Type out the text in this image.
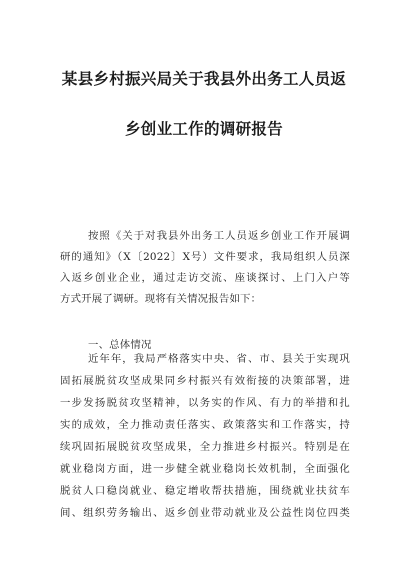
某县乡村振兴局关于我县外出务工人员返
乡创业工作的调研报告
按照《关于对我县外出务工人员返乡创业工作开展调
研的通知》（X〔2022〕X号）文件要求，我局组织人员深
入返乡创业企业，通过走访交流、座谈探讨、上门入户等
方式开展了调研。现将有关情况报告如下：
一、总体情况
近年年，我局严格落实中央、省、市、县关于实现巩
固拓展脱贫攻坚成果同乡村振兴有效衔接的决策部署，进
一步发扬脱贫攻坚精神，以务实的作风、有力的举措和扎
实的成效，全力推动责任落实、政策落实和工作落实，持
续巩固拓展脱贫攻坚成果，全力推进乡村振兴。特别是在
就业稳岗方面，进一步健全就业稳岗长效机制，全面强化
脱贫人口稳岗就业、稳定增收帮扶措施，围绕就业扶贫车
间、组织劳务输出、返乡创业带动就业及公益性岗位四类
